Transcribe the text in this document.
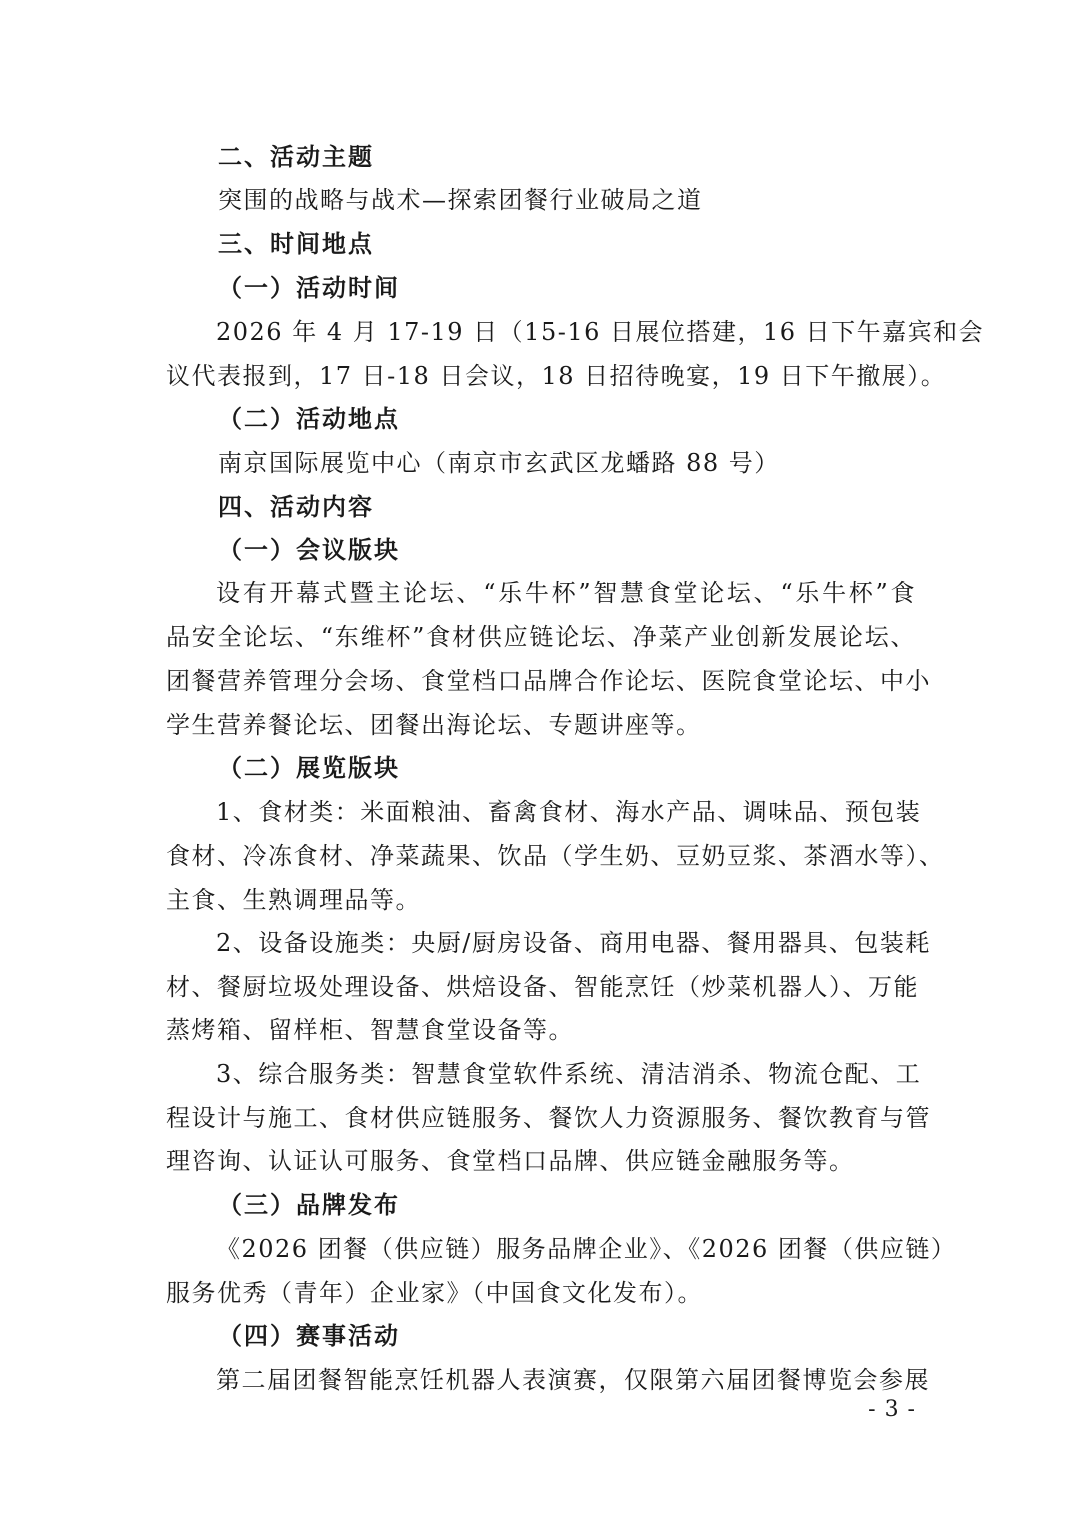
二、活动主题
突围的战略与战术—探索团餐行业破局之道
三、时间地点
（一）活动时间
2026 年 4 月 17-19 日（15-16 日展位搭建，16 日下午嘉宾和会
议代表报到，17 日-18 日会议，18 日招待晚宴，19 日下午撤展）。
（二）活动地点
南京国际展览中心（南京市玄武区龙蟠路 88 号）
四、活动内容
（一）会议版块
设有开幕式暨主论坛、“乐牛杯”智慧食堂论坛、“乐牛杯”食
品安全论坛、“东维杯”食材供应链论坛、净菜产业创新发展论坛、
团餐营养管理分会场、食堂档口品牌合作论坛、医院食堂论坛、中小
学生营养餐论坛、团餐出海论坛、专题讲座等。
（二）展览版块
1、食材类：米面粮油、畜禽食材、海水产品、调味品、预包装
食材、冷冻食材、净菜蔬果、饮品（学生奶、豆奶豆浆、茶酒水等）、
主食、生熟调理品等。
2、设备设施类：央厨/厨房设备、商用电器、餐用器具、包装耗
材、餐厨垃圾处理设备、烘焙设备、智能烹饪（炒菜机器人）、万能
蒸烤箱、留样柜、智慧食堂设备等。
3、综合服务类：智慧食堂软件系统、清洁消杀、物流仓配、工
程设计与施工、食材供应链服务、餐饮人力资源服务、餐饮教育与管
理咨询、认证认可服务、食堂档口品牌、供应链金融服务等。
（三）品牌发布
《2026 团餐（供应链）服务品牌企业》、《2026 团餐（供应链）
服务优秀（青年）企业家》（中国食文化发布）。
（四）赛事活动
第二届团餐智能烹饪机器人表演赛，仅限第六届团餐博览会参展
- 3 -
